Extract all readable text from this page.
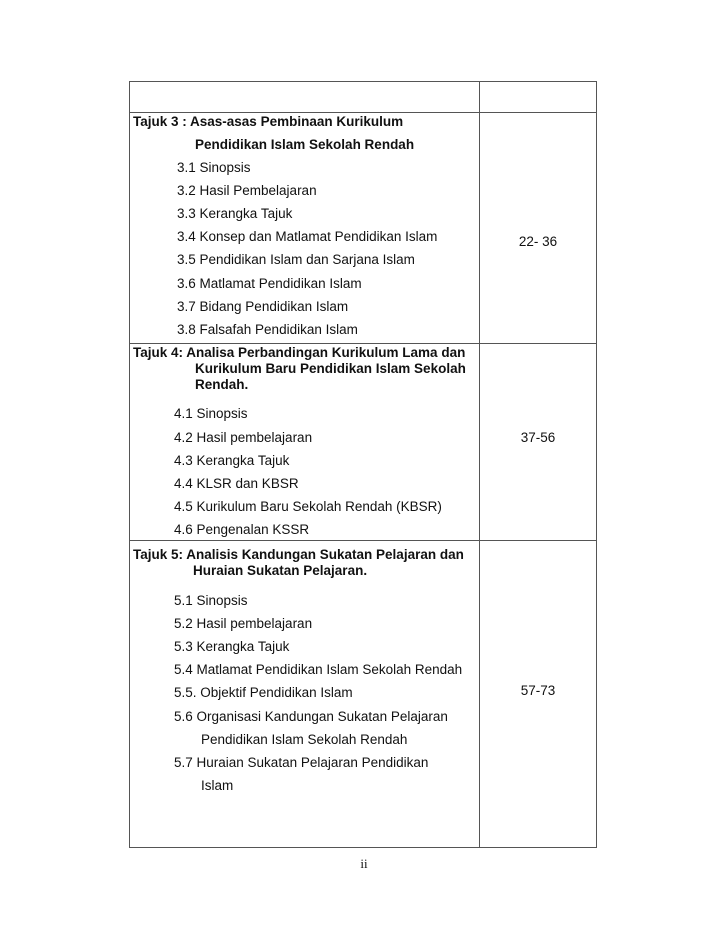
Tajuk 3 : Asas-asas Pembinaan Kurikulum
Pendidikan Islam Sekolah Rendah
3.1 Sinopsis
3.2 Hasil Pembelajaran
3.3 Kerangka Tajuk
3.4 Konsep dan Matlamat Pendidikan Islam
3.5 Pendidikan Islam dan Sarjana Islam
3.6 Matlamat Pendidikan Islam
3.7 Bidang Pendidikan Islam
3.8 Falsafah Pendidikan Islam
22- 36
Tajuk 4: Analisa Perbandingan Kurikulum Lama dan
Kurikulum Baru Pendidikan Islam Sekolah
Rendah.
4.1 Sinopsis
4.2 Hasil pembelajaran
4.3 Kerangka Tajuk
4.4 KLSR dan KBSR
4.5 Kurikulum Baru Sekolah Rendah (KBSR)
4.6 Pengenalan KSSR
37-56
Tajuk 5: Analisis Kandungan Sukatan Pelajaran dan
Huraian Sukatan Pelajaran.
5.1 Sinopsis
5.2 Hasil pembelajaran
5.3 Kerangka Tajuk
5.4 Matlamat Pendidikan Islam Sekolah Rendah
5.5. Objektif Pendidikan Islam
5.6 Organisasi Kandungan Sukatan Pelajaran
Pendidikan Islam Sekolah Rendah
5.7 Huraian Sukatan Pelajaran Pendidikan
Islam
57-73
ii
